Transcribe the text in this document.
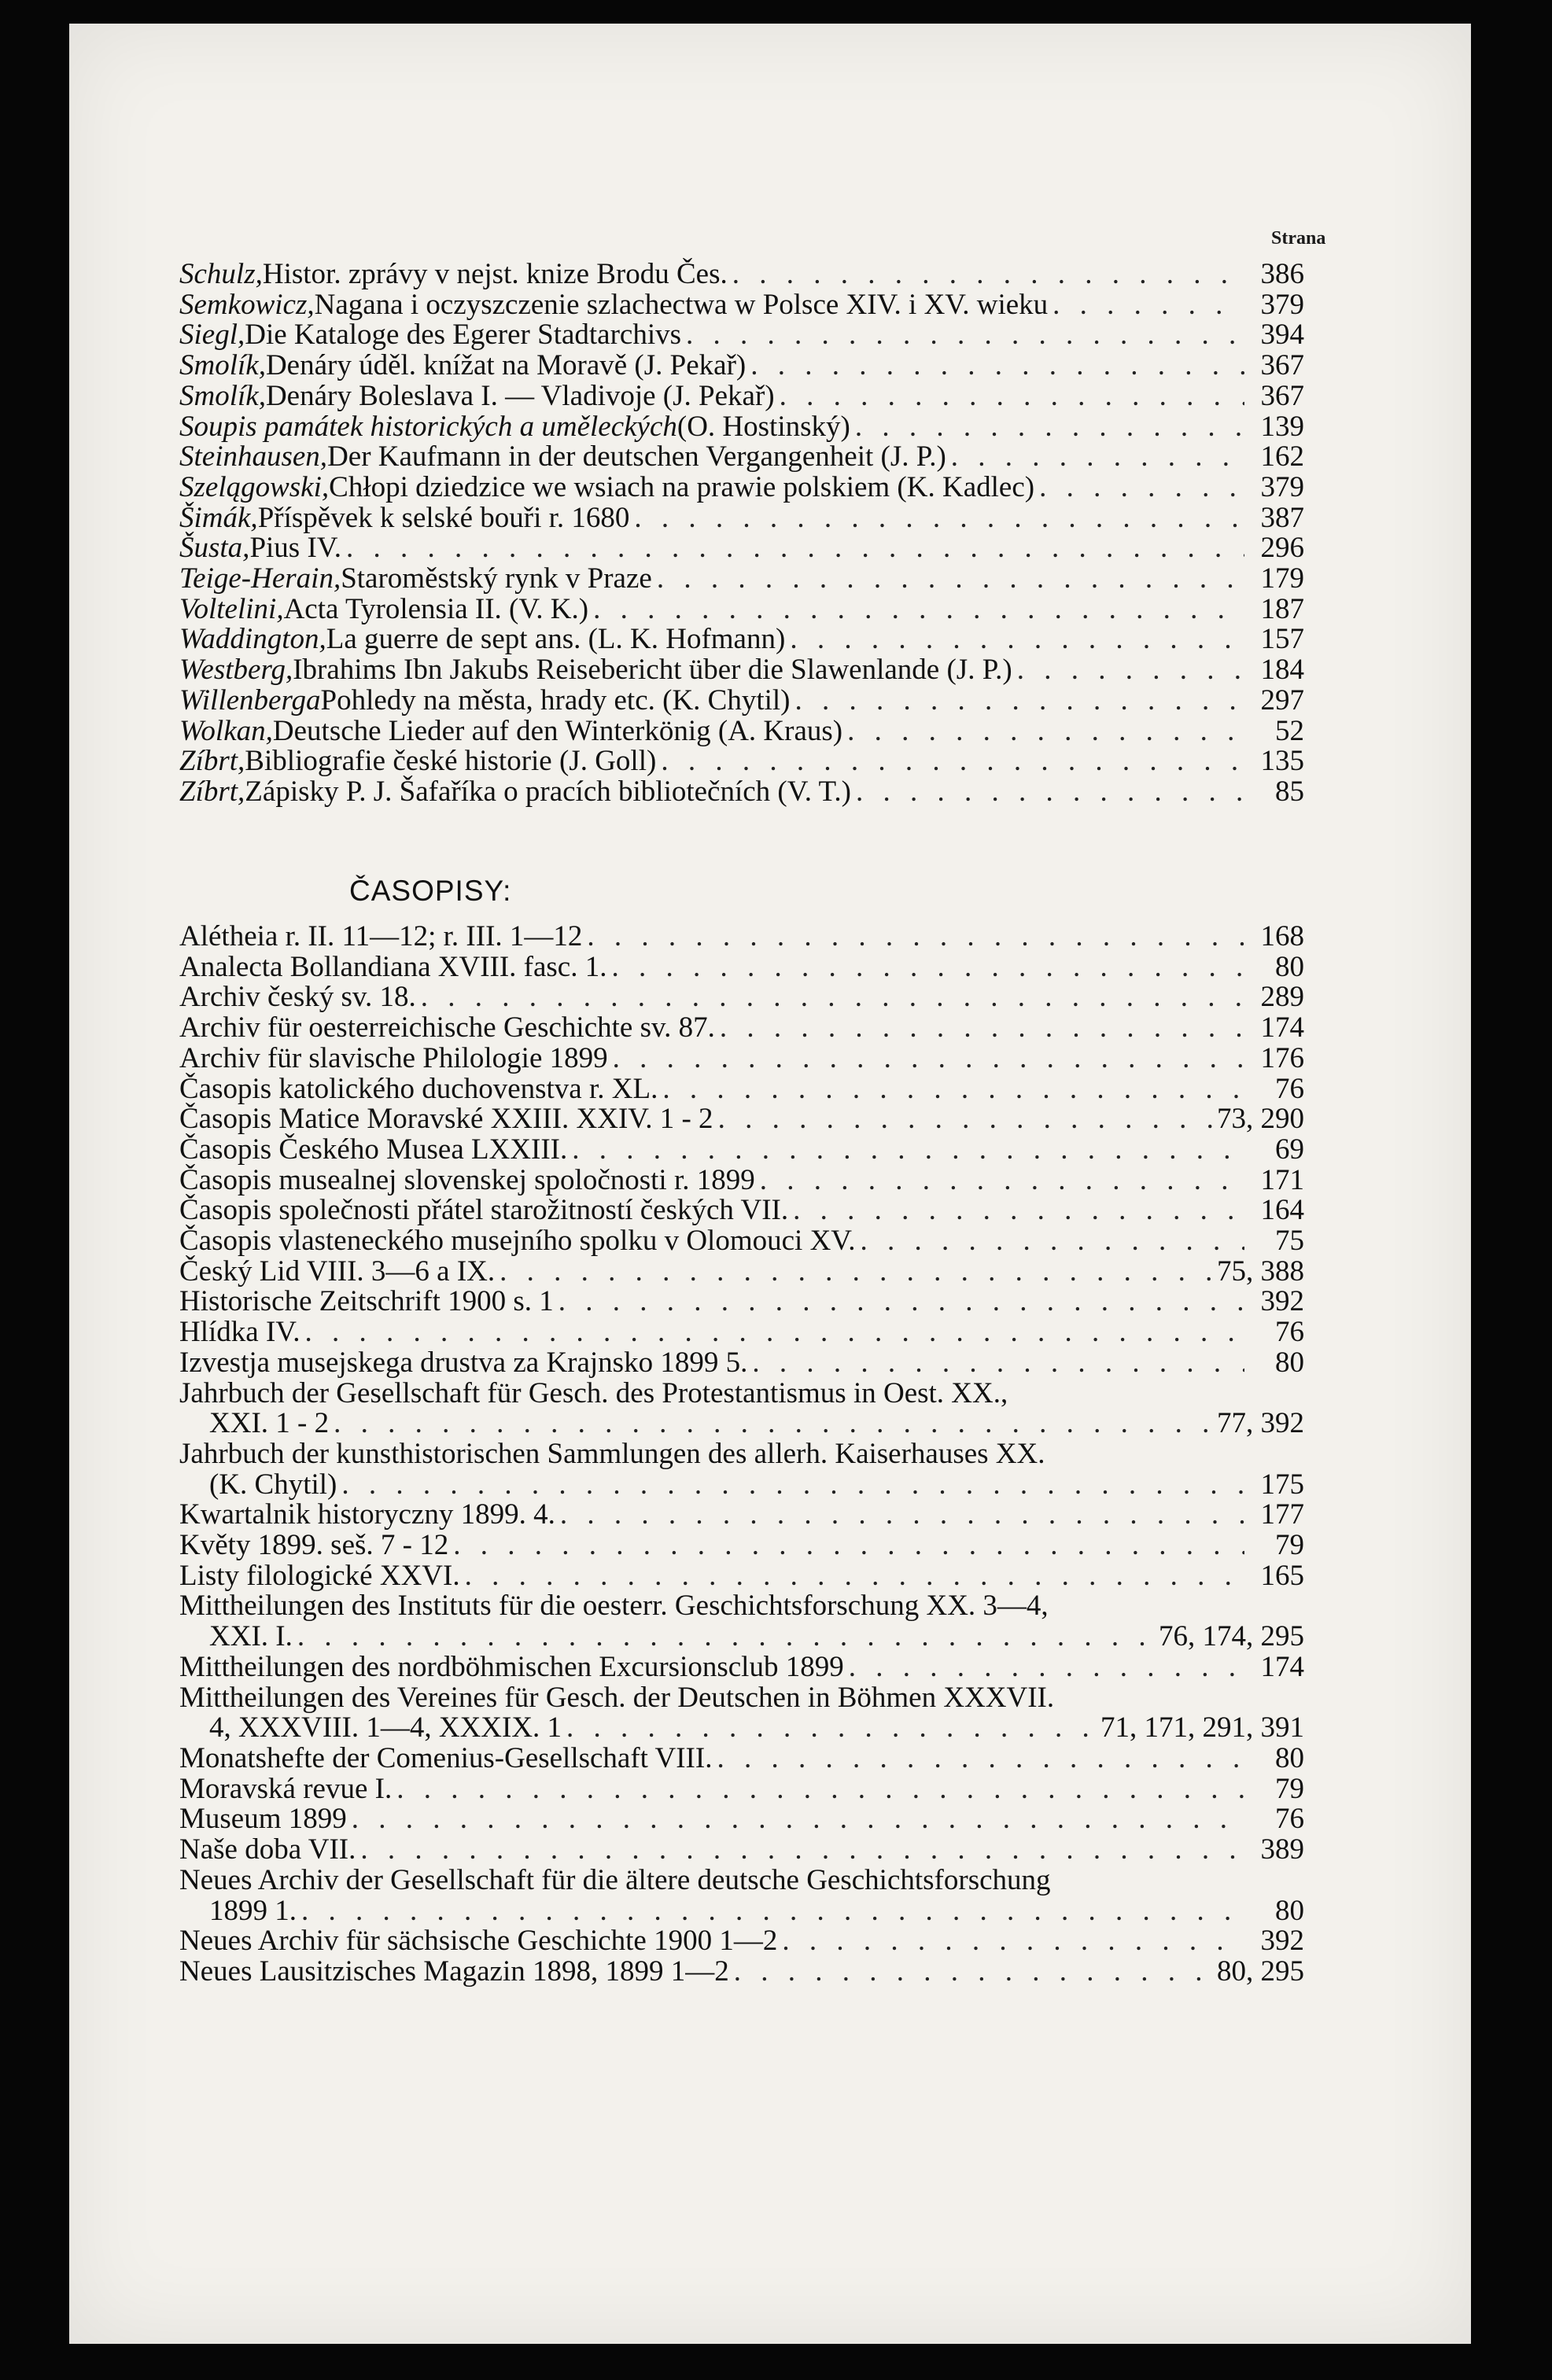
Strana
Schulz, Histor. zprávy v nejst. knize Brodu Čes. . . .	386
Semkowicz, Nagana i oczyszczenie szlachectwa w Polsce XIV. i XV. wieku . . .	379
Siegl, Die Kataloge des Egerer Stadtarchivs . . .	394
Smolík, Denáry úděl. knížat na Moravě (J. Pekař) . . .	367
Smolík, Denáry Boleslava I. — Vladivoje (J. Pekař) . . .	367
Soupis památek historických a uměleckých (O. Hostinský) . . .	139
Steinhausen, Der Kaufmann in der deutschen Vergangenheit (J. P.) . . .	162
Szelągowski, Chłopi dziedzice we wsiach na prawie polskiem (K. Kadlec) . . .	379
Šimák, Příspěvek k selské bouři r. 1680 . . .	387
Šusta, Pius IV. . . .	296
Teige-Herain, Staroměstský rynk v Praze . . .	179
Voltelini, Acta Tyrolensia II. (V. K.) . . .	187
Waddington, La guerre de sept ans. (L. K. Hofmann) . . .	157
Westberg, Ibrahims Ibn Jakubs Reisebericht über die Slawenlande (J. P.) . . .	184
Willenberga Pohledy na města, hrady etc. (K. Chytil) . . .	297
Wolkan, Deutsche Lieder auf den Winterkönig (A. Kraus) . . .	52
Zíbrt, Bibliografie české historie (J. Goll) . . .	135
Zíbrt, Zápisky P. J. Šafaříka o pracích bibliotečních (V. T.) . . .	85
ČASOPISY:
Alétheia r. II. 11—12; r. III. 1—12 . . .	168
Analecta Bollandiana XVIII. fasc. 1. . . .	80
Archiv český sv. 18. . . .	289
Archiv für oesterreichische Geschichte sv. 87. . . .	174
Archiv für slavische Philologie 1899 . . .	176
Časopis katolického duchovenstva r. XL. . . .	76
Časopis Matice Moravské XXIII. XXIV. 1 - 2 . . .	73, 290
Časopis Českého Musea LXXIII. . . .	69
Časopis musealnej slovenskej spoločnosti r. 1899 . . .	171
Časopis společnosti přátel starožitností českých VII. . . .	164
Časopis vlasteneckého musejního spolku v Olomouci XV. . . .	75
Český Lid VIII. 3—6 a IX. . . .	75, 388
Historische Zeitschrift 1900 s. 1 . . .	392
Hlídka IV. . . .	76
Izvestja musejskega drustva za Krajnsko 1899 5. . . .	80
Jahrbuch der Gesellschaft für Gesch. des Protestantismus in Oest. XX.,
XXI. 1 - 2 . . .	77, 392
Jahrbuch der kunsthistorischen Sammlungen des allerh. Kaiserhauses XX.
(K. Chytil) . . .	175
Kwartalnik historyczny 1899. 4. . . .	177
Květy 1899. seš. 7 - 12 . . .	79
Listy filologické XXVI. . . .	165
Mittheilungen des Instituts für die oesterr. Geschichtsforschung XX. 3—4,
XXI. I. . . .	76, 174, 295
Mittheilungen des nordböhmischen Excursionsclub 1899 . . .	174
Mittheilungen des Vereines für Gesch. der Deutschen in Böhmen XXXVII.
4, XXXVIII. 1—4, XXXIX. 1 . . .	71, 171, 291, 391
Monatshefte der Comenius-Gesellschaft VIII. . . .	80
Moravská revue I. . . .	79
Museum 1899 . . .	76
Naše doba VII. . . .	389
Neues Archiv der Gesellschaft für die ältere deutsche Geschichtsforschung
1899 1. . . .	80
Neues Archiv für sächsische Geschichte 1900 1—2 . . .	392
Neues Lausitzisches Magazin 1898, 1899 1—2 . . .	80, 295
